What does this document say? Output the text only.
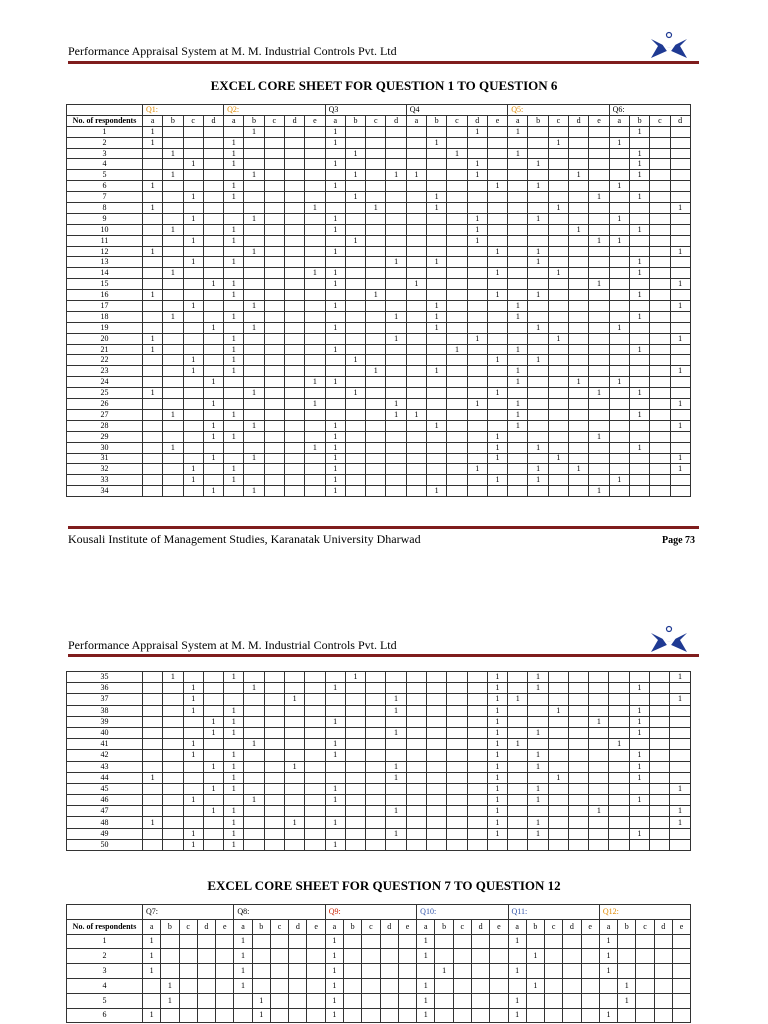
Performance Appraisal System at M. M. Industrial Controls Pvt. Ltd
EXCEL CORE SHEET FOR QUESTION 1 TO QUESTION 6
	Q1:				Q2:					Q3				Q4					Q5:					Q6:			
No. of respondents	a	b	c	d	a	b	c	d	e	a	b	c	d	a	b	c	d	e	a	b	c	d	e	a	b	c	d
1	1					1				1							1		1						1		
2	1				1					1					1						1			1			
3		1			1						1					1			1						1		
4			1		1					1							1			1					1		
5		1				1					1		1	1			1					1			1		
6	1				1					1								1		1				1			
7			1		1						1				1								1		1		
8	1								1			1			1						1						1
9			1			1				1							1			1				1			
10		1			1					1							1					1			1		
11			1		1						1						1						1	1			
12	1					1				1								1		1							1
13			1		1								1		1					1					1		
14		1							1	1								1			1				1		
15				1	1					1				1									1				1
16	1				1							1						1		1					1		
17			1			1				1					1				1								1
18		1			1								1		1				1						1		
19				1		1				1					1					1				1			
20	1				1								1				1				1						1
21	1				1					1						1			1						1		
22			1		1						1							1		1							
23			1		1							1			1				1								1
24				1					1	1									1			1		1			
25	1					1					1							1					1		1		
26				1					1				1				1		1								1
27		1			1								1	1					1						1		
28				1		1				1					1				1								1
29				1	1					1								1					1				
30		1							1	1								1		1					1		
31				1		1				1								1			1						1
32			1		1					1							1			1		1					1
33			1		1					1								1		1				1			
34				1		1				1					1								1				
Kousali Institute of Management Studies, Karanatak University Dharwad	Page 73
Performance Appraisal System at M. M. Industrial Controls Pvt. Ltd
35		1			1						1							1		1							1
36			1			1				1								1		1					1		
37			1					1					1					1	1								1
38			1		1								1					1			1				1		
39				1	1					1								1					1		1		
40				1	1								1					1		1					1		
41			1			1				1								1	1					1			
42			1		1					1								1		1					1		
43				1	1			1					1					1		1					1		
44	1				1								1					1			1				1		
45				1	1					1								1		1							1
46			1			1				1								1		1					1		
47				1	1								1					1					1				1
48	1				1			1		1								1		1							1
49			1		1								1					1		1					1		
50			1		1					1																	
EXCEL CORE SHEET FOR QUESTION 7 TO QUESTION 12
	Q7:					Q8:					Q9:					Q10:					Q11:					Q12:				
No. of respondents	a	b	c	d	e	a	b	c	d	e	a	b	c	d	e	a	b	c	d	e	a	b	c	d	e	a	b	c	d	e
1	1					1					1					1					1					1				
2	1					1					1					1						1				1				
3	1					1					1						1				1					1				
4		1				1					1					1						1					1			
5		1					1				1					1					1						1			
6	1						1				1					1					1					1				
